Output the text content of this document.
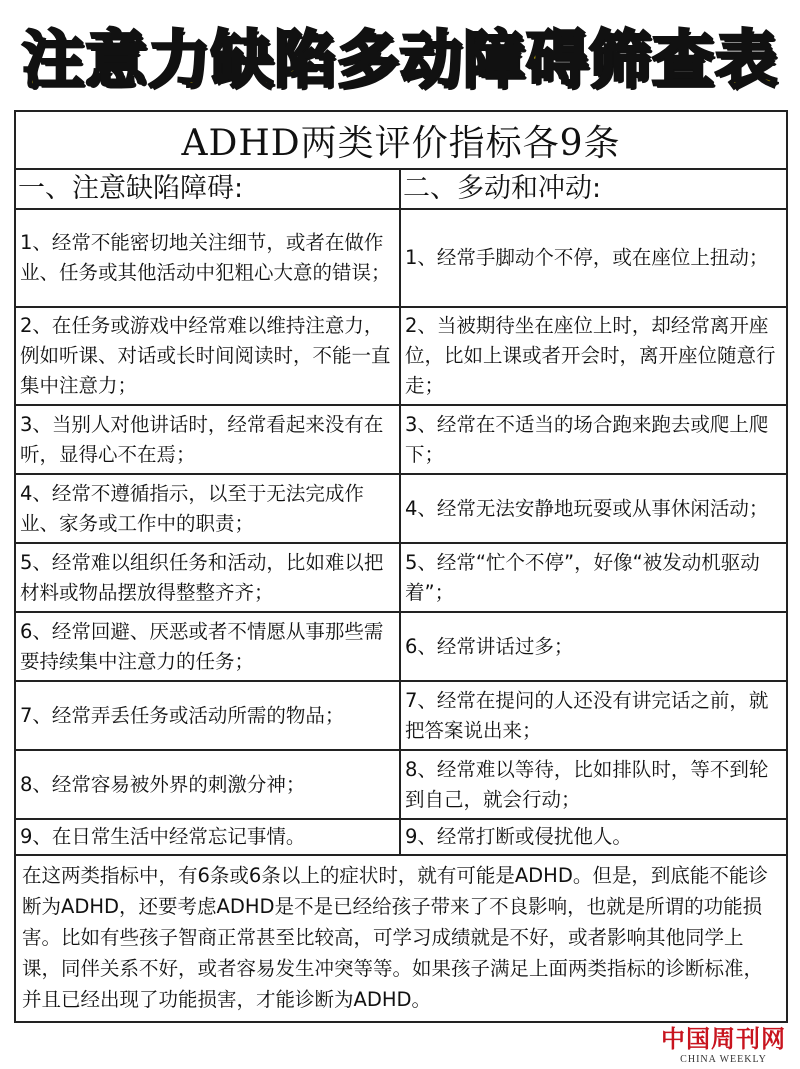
注意力缺陷多动障碍筛查表
ADHD两类评价指标各9条
一、注意缺陷障碍:	二、多动和冲动:
1、经常不能密切地关注细节，或者在做作业、任务或其他活动中犯粗心大意的错误；
1、经常手脚动个不停，或在座位上扭动；
2、在任务或游戏中经常难以维持注意力，例如听课、对话或长时间阅读时，不能一直集中注意力；
2、当被期待坐在座位上时，却经常离开座位，比如上课或者开会时，离开座位随意行走；
3、当别人对他讲话时，经常看起来没有在听，显得心不在焉；
3、经常在不适当的场合跑来跑去或爬上爬下；
4、经常不遵循指示，以至于无法完成作业、家务或工作中的职责；
4、经常无法安静地玩耍或从事休闲活动；
5、经常难以组织任务和活动，比如难以把材料或物品摆放得整整齐齐；
5、经常“忙个不停”，好像“被发动机驱动着”；
6、经常回避、厌恶或者不情愿从事那些需要持续集中注意力的任务；
6、经常讲话过多；
7、经常弄丢任务或活动所需的物品；
7、经常在提问的人还没有讲完话之前，就把答案说出来；
8、经常容易被外界的刺激分神；
8、经常难以等待，比如排队时，等不到轮到自己，就会行动；
9、在日常生活中经常忘记事情。	9、经常打断或侵扰他人。
在这两类指标中，有6条或6条以上的症状时，就有可能是ADHD。但是，到底能不能诊断为ADHD，还要考虑ADHD是不是已经给孩子带来了不良影响，也就是所谓的功能损害。比如有些孩子智商正常甚至比较高，可学习成绩就是不好，或者影响其他同学上课，同伴关系不好，或者容易发生冲突等等。如果孩子满足上面两类指标的诊断标准，并且已经出现了功能损害，才能诊断为ADHD。
中国周刊网
CHINA WEEKLY
